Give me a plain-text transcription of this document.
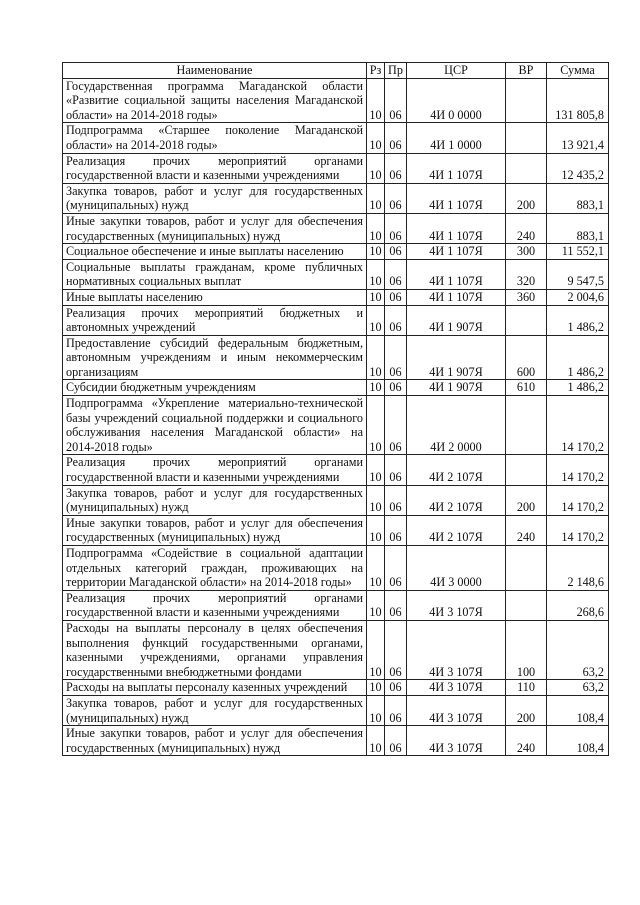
Наименование	Рз	Пр	ЦСР	ВР	Сумма
Государственная программа Магаданской области «Развитие социальной защиты населения Магаданской области» на 2014-2018 годы»	10	06	4И 0 0000		131 805,8
Подпрограмма «Старшее поколение Магаданской области» на 2014-2018 годы»	10	06	4И 1 0000		13 921,4
Реализация прочих мероприятий органами государственной власти и казенными учреждениями	10	06	4И 1 107Я		12 435,2
Закупка товаров, работ и услуг для государственных (муниципальных) нужд	10	06	4И 1 107Я	200	883,1
Иные закупки товаров, работ и услуг для обеспечения государственных (муниципальных) нужд	10	06	4И 1 107Я	240	883,1
Социальное обеспечение и иные выплаты населению	10	06	4И 1 107Я	300	11 552,1
Социальные выплаты гражданам, кроме публичных нормативных социальных выплат	10	06	4И 1 107Я	320	9 547,5
Иные выплаты населению	10	06	4И 1 107Я	360	2 004,6
Реализация прочих мероприятий бюджетных и автономных учреждений	10	06	4И 1 907Я		1 486,2
Предоставление субсидий федеральным бюджетным, автономным учреждениям и иным некоммерческим организациям	10	06	4И 1 907Я	600	1 486,2
Субсидии бюджетным учреждениям	10	06	4И 1 907Я	610	1 486,2
Подпрограмма «Укрепление материально-технической базы учреждений социальной поддержки и социального обслуживания населения Магаданской области» на 2014-2018 годы»	10	06	4И 2 0000		14 170,2
Реализация прочих мероприятий органами государственной власти и казенными учреждениями	10	06	4И 2 107Я		14 170,2
Закупка товаров, работ и услуг для государственных (муниципальных) нужд	10	06	4И 2 107Я	200	14 170,2
Иные закупки товаров, работ и услуг для обеспечения государственных (муниципальных) нужд	10	06	4И 2 107Я	240	14 170,2
Подпрограмма «Содействие в социальной адаптации отдельных категорий граждан, проживающих на территории Магаданской области» на 2014-2018 годы»	10	06	4И 3 0000		2 148,6
Реализация прочих мероприятий органами государственной власти и казенными учреждениями	10	06	4И 3 107Я		268,6
Расходы на выплаты персоналу в целях обеспечения выполнения функций государственными органами, казенными учреждениями, органами управления государственными внебюджетными фондами	10	06	4И 3 107Я	100	63,2
Расходы на выплаты персоналу казенных учреждений	10	06	4И 3 107Я	110	63,2
Закупка товаров, работ и услуг для государственных (муниципальных) нужд	10	06	4И 3 107Я	200	108,4
Иные закупки товаров, работ и услуг для обеспечения государственных (муниципальных) нужд	10	06	4И 3 107Я	240	108,4
